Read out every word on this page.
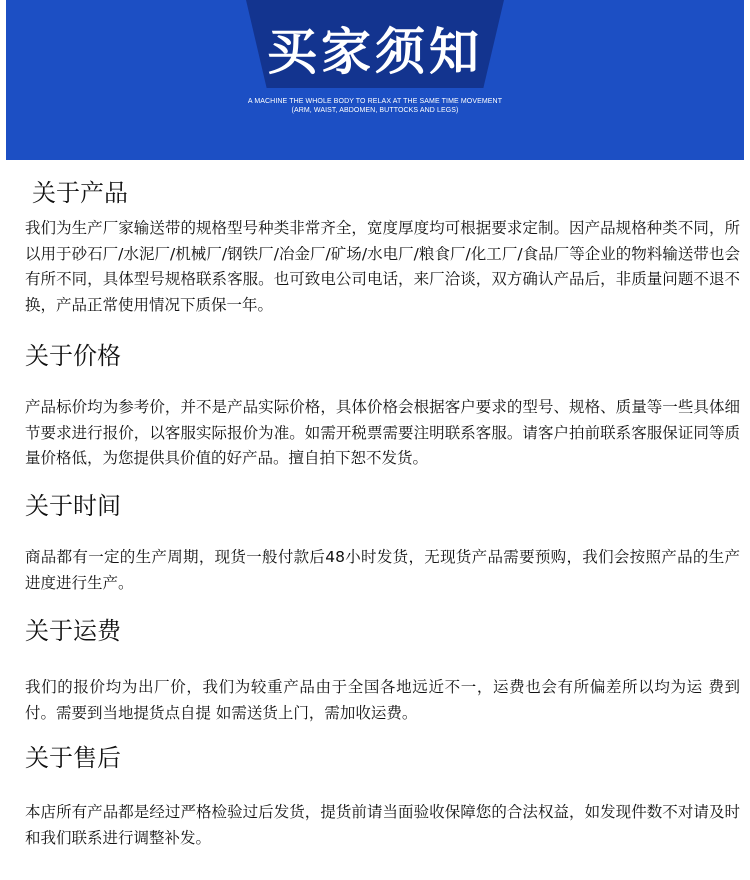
买家须知
A MACHINE THE WHOLE BODY TO RELAX AT THE SAME TIME MOVEMENT
(ARM, WAIST, ABDOMEN, BUTTOCKS AND LEGS)
关于产品
我们为生产厂家输送带的规格型号种类非常齐全，宽度厚度均可根据要求定制。因产品规格种类不同，所以用于砂石厂/水泥厂/机械厂/钢铁厂/冶金厂/矿场/水电厂/粮食厂/化工厂/食品厂等企业的物料输送带也会有所不同，具体型号规格联系客服。也可致电公司电话，来厂洽谈，双方确认产品后，非质量问题不退不换，产品正常使用情况下质保一年。
关于价格
产品标价均为参考价，并不是产品实际价格，具体价格会根据客户要求的型号、规格、质量等一些具体细节要求进行报价，以客服实际报价为准。如需开税票需要注明联系客服。请客户拍前联系客服保证同等质量价格低，为您提供具价值的好产品。擅自拍下恕不发货。
关于时间
商品都有一定的生产周期，现货一般付款后48小时发货，无现货产品需要预购，我们会按照产品的生产进度进行生产。
关于运费
我们的报价均为出厂价，我们为较重产品由于全国各地远近不一，运费也会有所偏差所以均为运 费到付。需要到当地提货点自提 如需送货上门，需加收运费。
关于售后
本店所有产品都是经过严格检验过后发货，提货前请当面验收保障您的合法权益，如发现件数不对请及时和我们联系进行调整补发。
